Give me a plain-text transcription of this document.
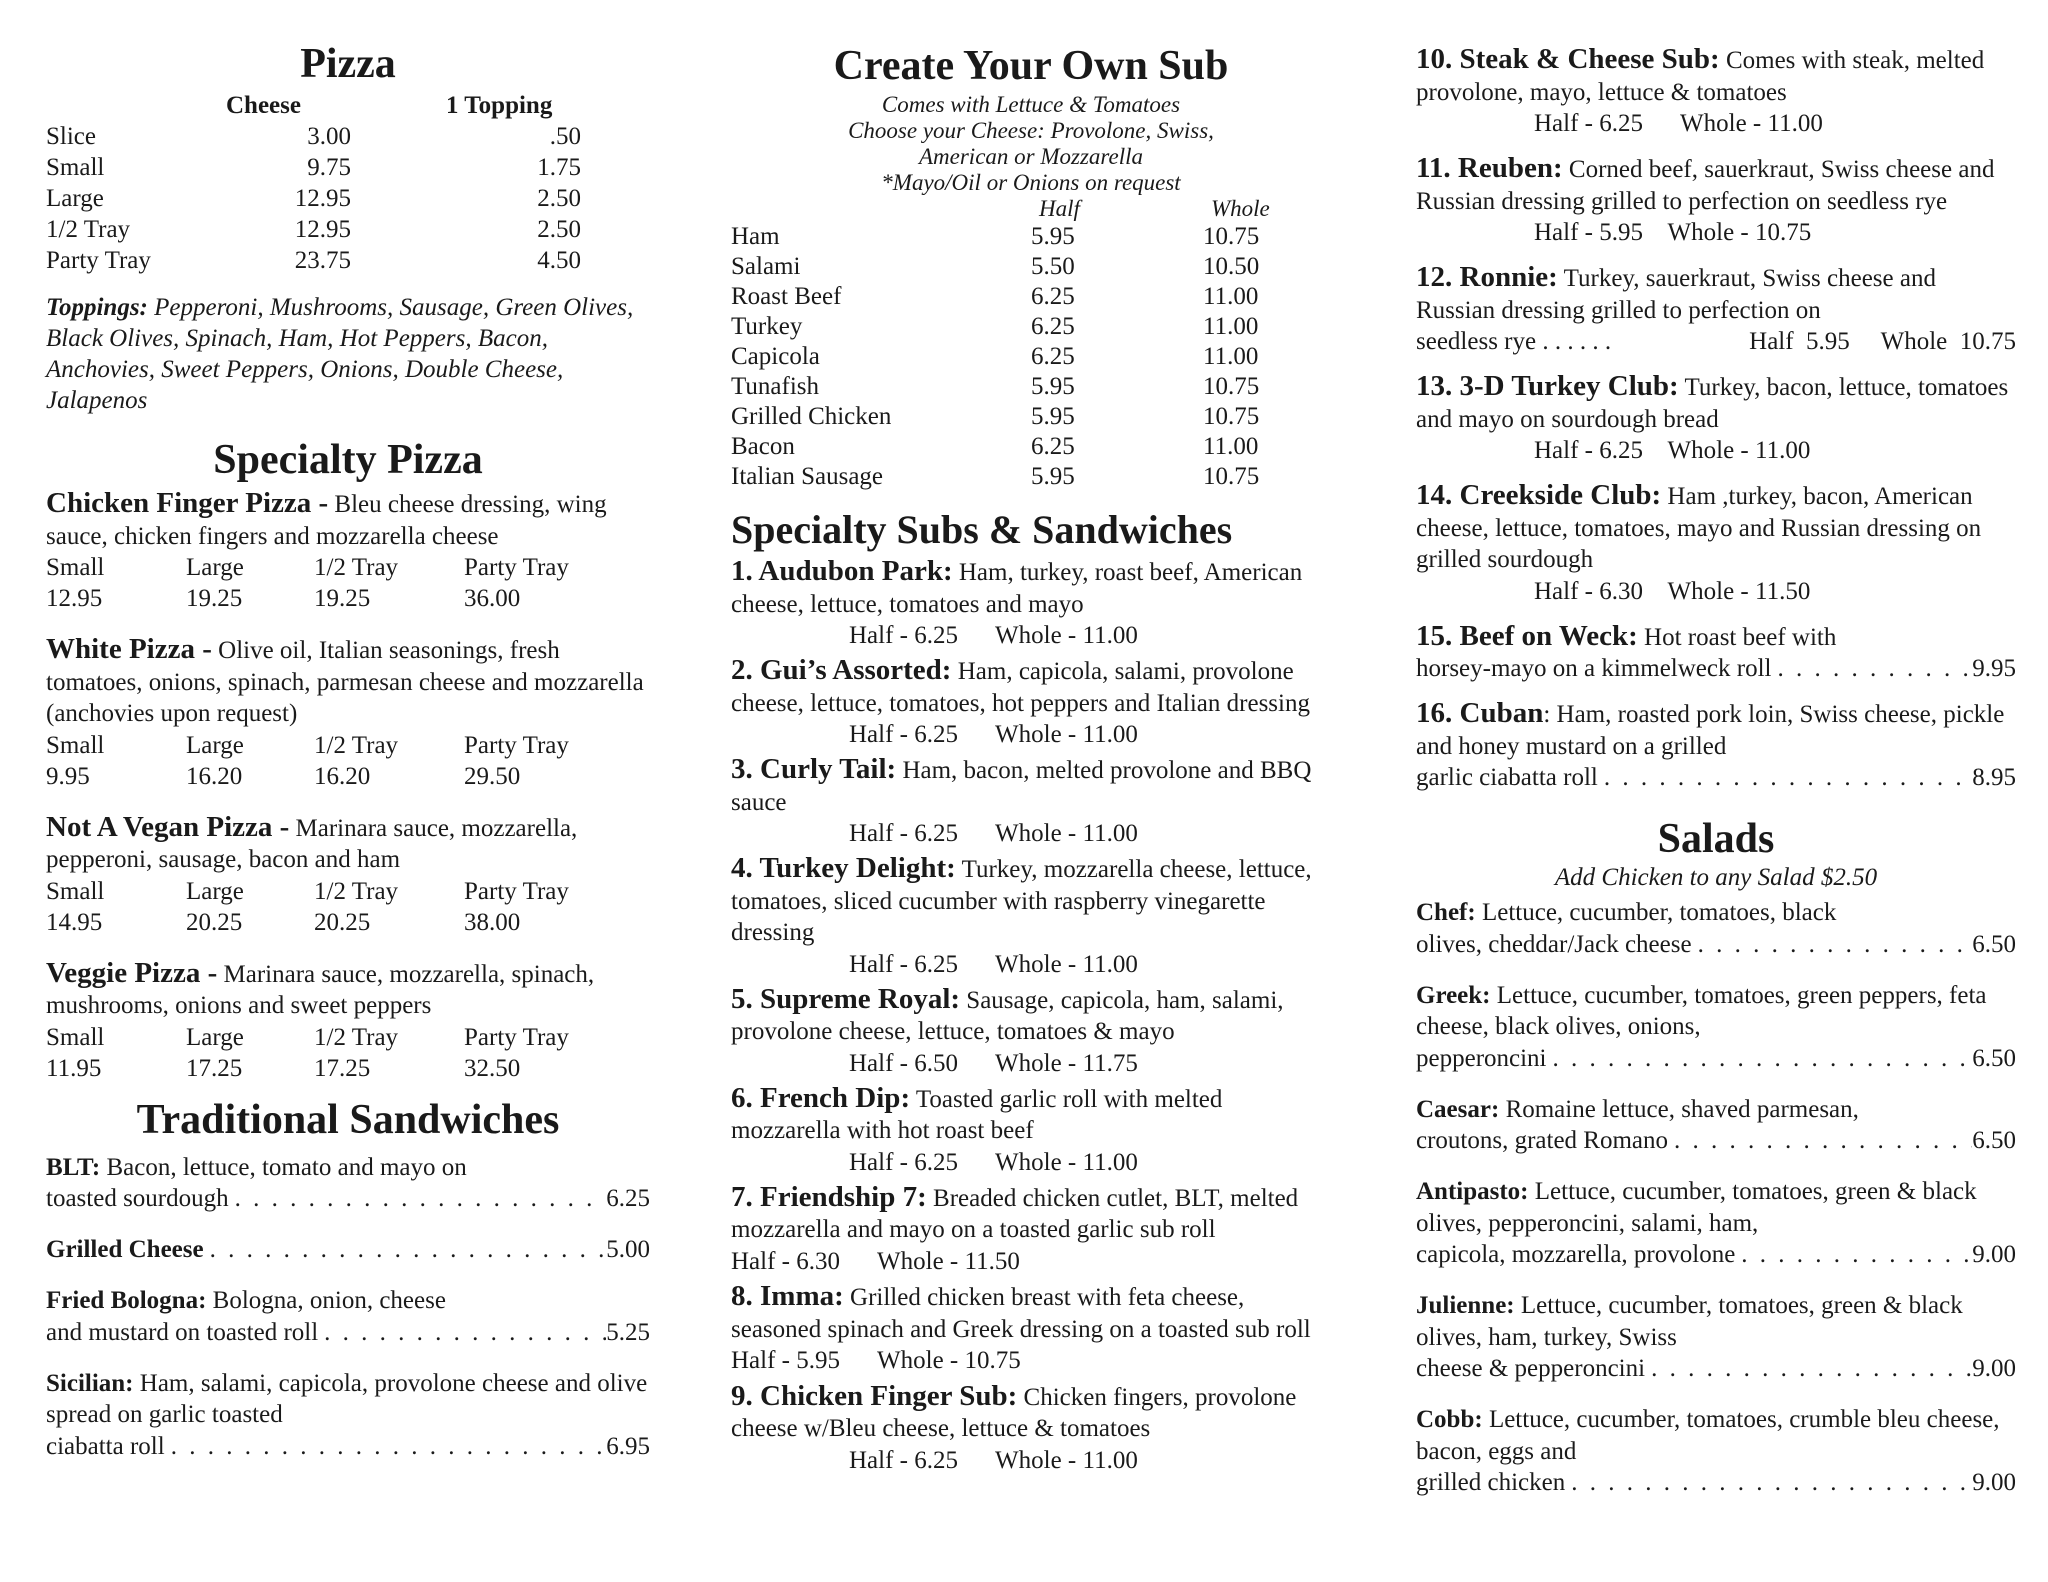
Pizza
Cheese	1 Topping
Slice	3.00	.50
Small	9.75	1.75
Large	12.95	2.50
1/2 Tray	12.95	2.50
Party Tray	23.75	4.50

Toppings: Pepperoni, Mushrooms, Sausage, Green Olives, Black Olives, Spinach, Ham, Hot Peppers, Bacon, Anchovies, Sweet Peppers, Onions, Double Cheese, Jalapenos

Specialty Pizza

Chicken Finger Pizza - Bleu cheese dressing, wing sauce, chicken fingers and mozzarella cheese

Small	Large	1/2 Tray	Party Tray
12.95	19.25	19.25	36.00

White Pizza - Olive oil, Italian seasonings, fresh tomatoes, onions, spinach, parmesan cheese and mozzarella (anchovies upon request)

Small	Large	1/2 Tray	Party Tray
9.95	16.20	16.20	29.50

Not A Vegan Pizza - Marinara sauce, mozzarella, pepperoni, sausage, bacon and ham

Small	Large	1/2 Tray	Party Tray
14.95	20.25	20.25	38.00

Veggie Pizza - Marinara sauce, mozzarella, spinach, mushrooms, onions and sweet peppers

Small	Large	1/2 Tray	Party Tray
11.95	17.25	17.25	32.50
Traditional Sandwiches

BLT: Bacon, lettuce, tomato and mayo on

toasted sourdough . . .	6.25
Grilled Cheese . . .	5.00

Fried Bologna: Bologna, onion, cheese

and mustard on toasted roll . . .	5.25

Sicilian: Ham, salami, capicola, provolone cheese and olive spread on garlic toasted

ciabatta roll . . .	6.95
Create Your Own Sub
Comes with Lettuce & Tomatoes
Choose your Cheese: Provolone, Swiss,
American or Mozzarella
*Mayo/Oil or Onions on request
Half	Whole
Ham	5.95	10.75
Salami	5.50	10.50
Roast Beef	6.25	11.00
Turkey	6.25	11.00
Capicola	6.25	11.00
Tunafish	5.95	10.75
Grilled Chicken	5.95	10.75
Bacon	6.25	11.00
Italian Sausage	5.95	10.75
Specialty Subs & Sandwiches

1. Audubon Park: Ham, turkey, roast beef, American cheese, lettuce, tomatoes and mayo

Half - 6.25      Whole - 11.00

2. Gui’s Assorted: Ham, capicola, salami, provolone cheese, lettuce, tomatoes, hot peppers and Italian dressing

Half - 6.25      Whole - 11.00

3. Curly Tail: Ham, bacon, melted provolone and BBQ sauce

Half - 6.25      Whole - 11.00

4. Turkey Delight: Turkey, mozzarella cheese, lettuce, tomatoes, sliced cucumber with raspberry vinegarette dressing

Half - 6.25      Whole - 11.00

5. Supreme Royal: Sausage, capicola, ham, salami, provolone cheese, lettuce, tomatoes & mayo

Half - 6.50      Whole - 11.75

6. French Dip: Toasted garlic roll with melted mozzarella with hot roast beef

Half - 6.25      Whole - 11.00

7. Friendship 7: Breaded chicken cutlet, BLT, melted mozzarella and mayo on a toasted garlic sub roll Half - 6.30      Whole - 11.50

8. Imma: Grilled chicken breast with feta cheese, seasoned spinach and Greek dressing on a toasted sub roll Half - 5.95      Whole - 10.75

9. Chicken Finger Sub: Chicken fingers, provolone cheese w/Bleu cheese, lettuce & tomatoes

Half - 6.25      Whole - 11.00

10. Steak & Cheese Sub: Comes with steak, melted provolone, mayo, lettuce & tomatoes

Half - 6.25      Whole - 11.00

11. Reuben: Corned beef, sauerkraut, Swiss cheese and Russian dressing grilled to perfection on seedless rye

Half - 5.95    Whole - 10.75

12. Ronnie: Turkey, sauerkraut, Swiss cheese and Russian dressing grilled to perfection on

seedless rye . . . . . .	Half  5.95     Whole  10.75

13. 3-D Turkey Club: Turkey, bacon, lettuce, tomatoes and mayo on sourdough bread

Half - 6.25    Whole - 11.00

14. Creekside Club: Ham ,turkey, bacon, American cheese, lettuce, tomatoes, mayo and Russian dressing on grilled sourdough

Half - 6.30    Whole - 11.50

15. Beef on Weck: Hot roast beef with

horsey-mayo on a kimmelweck roll . . .	9.95

16. Cuban: Ham, roasted pork loin, Swiss cheese, pickle and honey mustard on a grilled

garlic ciabatta roll . . .	8.95
Salads
Add Chicken to any Salad $2.50

Chef: Lettuce, cucumber, tomatoes, black

olives, cheddar/Jack cheese . . .	6.50

Greek: Lettuce, cucumber, tomatoes, green peppers, feta cheese, black olives, onions,

pepperoncini . . .	6.50

Caesar: Romaine lettuce, shaved parmesan,

croutons, grated Romano . . .	6.50

Antipasto: Lettuce, cucumber, tomatoes, green & black olives, pepperoncini, salami, ham,

capicola, mozzarella, provolone . . .	9.00

Julienne: Lettuce, cucumber, tomatoes, green & black olives, ham, turkey, Swiss

cheese & pepperoncini . . .	9.00

Cobb: Lettuce, cucumber, tomatoes, crumble bleu cheese, bacon, eggs and

grilled chicken . . .	9.00
